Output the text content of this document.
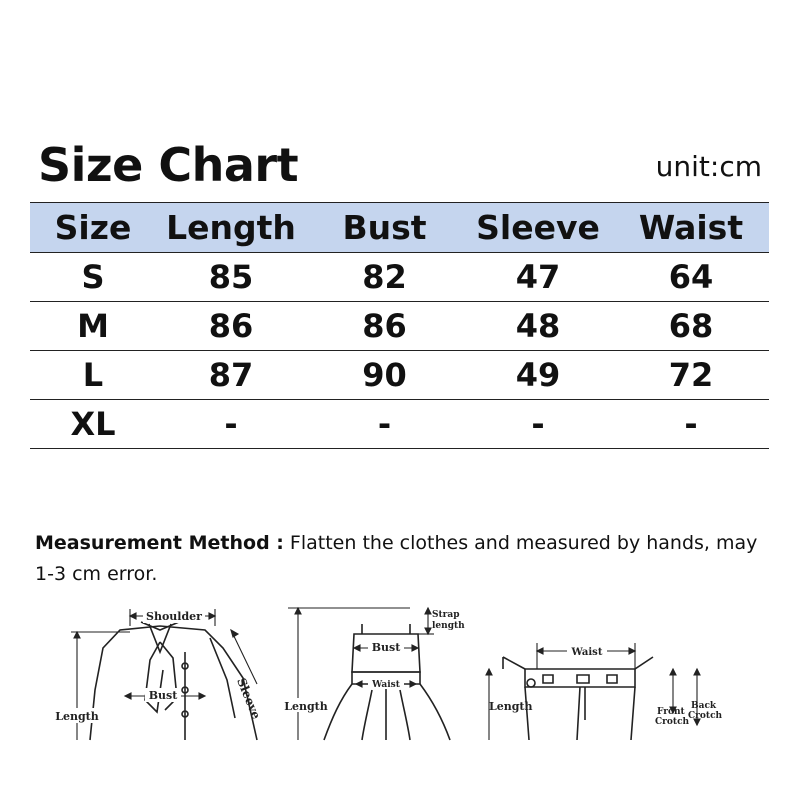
Size Chart	unit:cm
Size	Length	Bust	Sleeve	Waist
S	85	82	47	64
M	86	86	48	68
L	87	90	49	72
XL	-	-	-	-
Measurement Method : Flatten the clothes and measured by hands, may 1-3 cm error.
Shoulder
Bust
Length	Sleeve
Strap
length
Bust
Waist
Length
Waist
Length	Front
Crotch
Back
Crotch
